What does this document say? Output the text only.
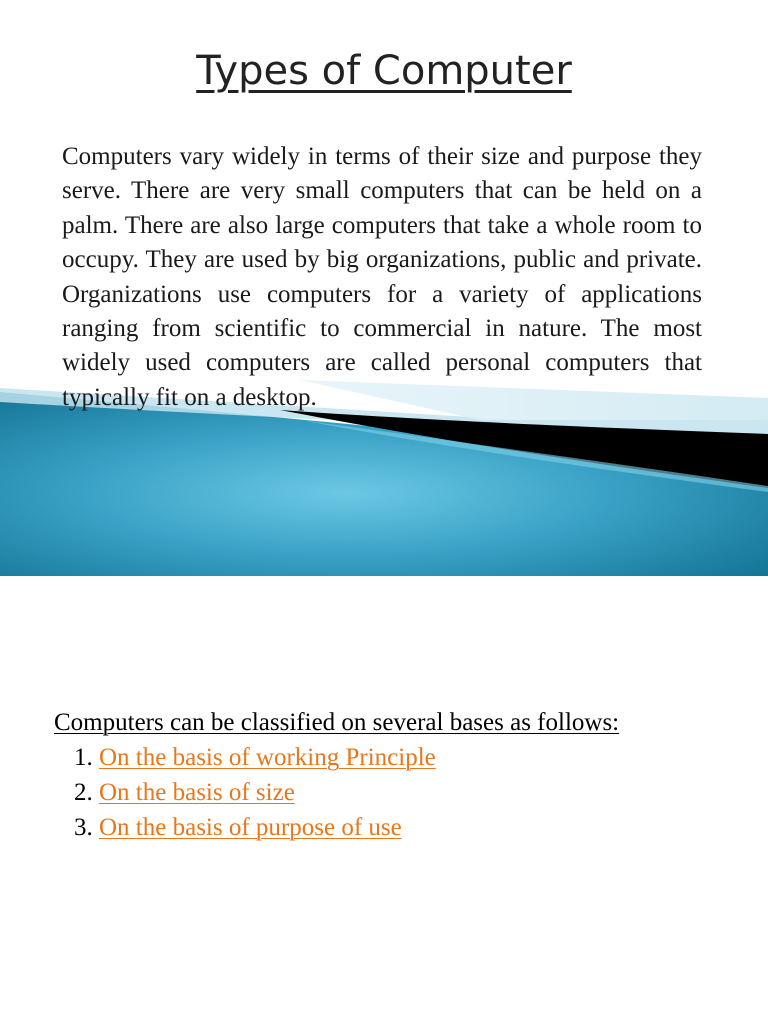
Types of Computer

Computers vary widely in terms of their size and purpose they serve. There are very small computers that can be held on a palm. There are also large computers that take a whole room to occupy. They are used by big organizations, public and private. Organizations use computers for a variety of applications ranging from scientific to commercial in nature. The most widely used computers are called personal computers that typically fit on a desktop.

Computers can be classified on several bases as follows:

1. On the basis of working Principle
2. On the basis of size
3. On the basis of purpose of use
